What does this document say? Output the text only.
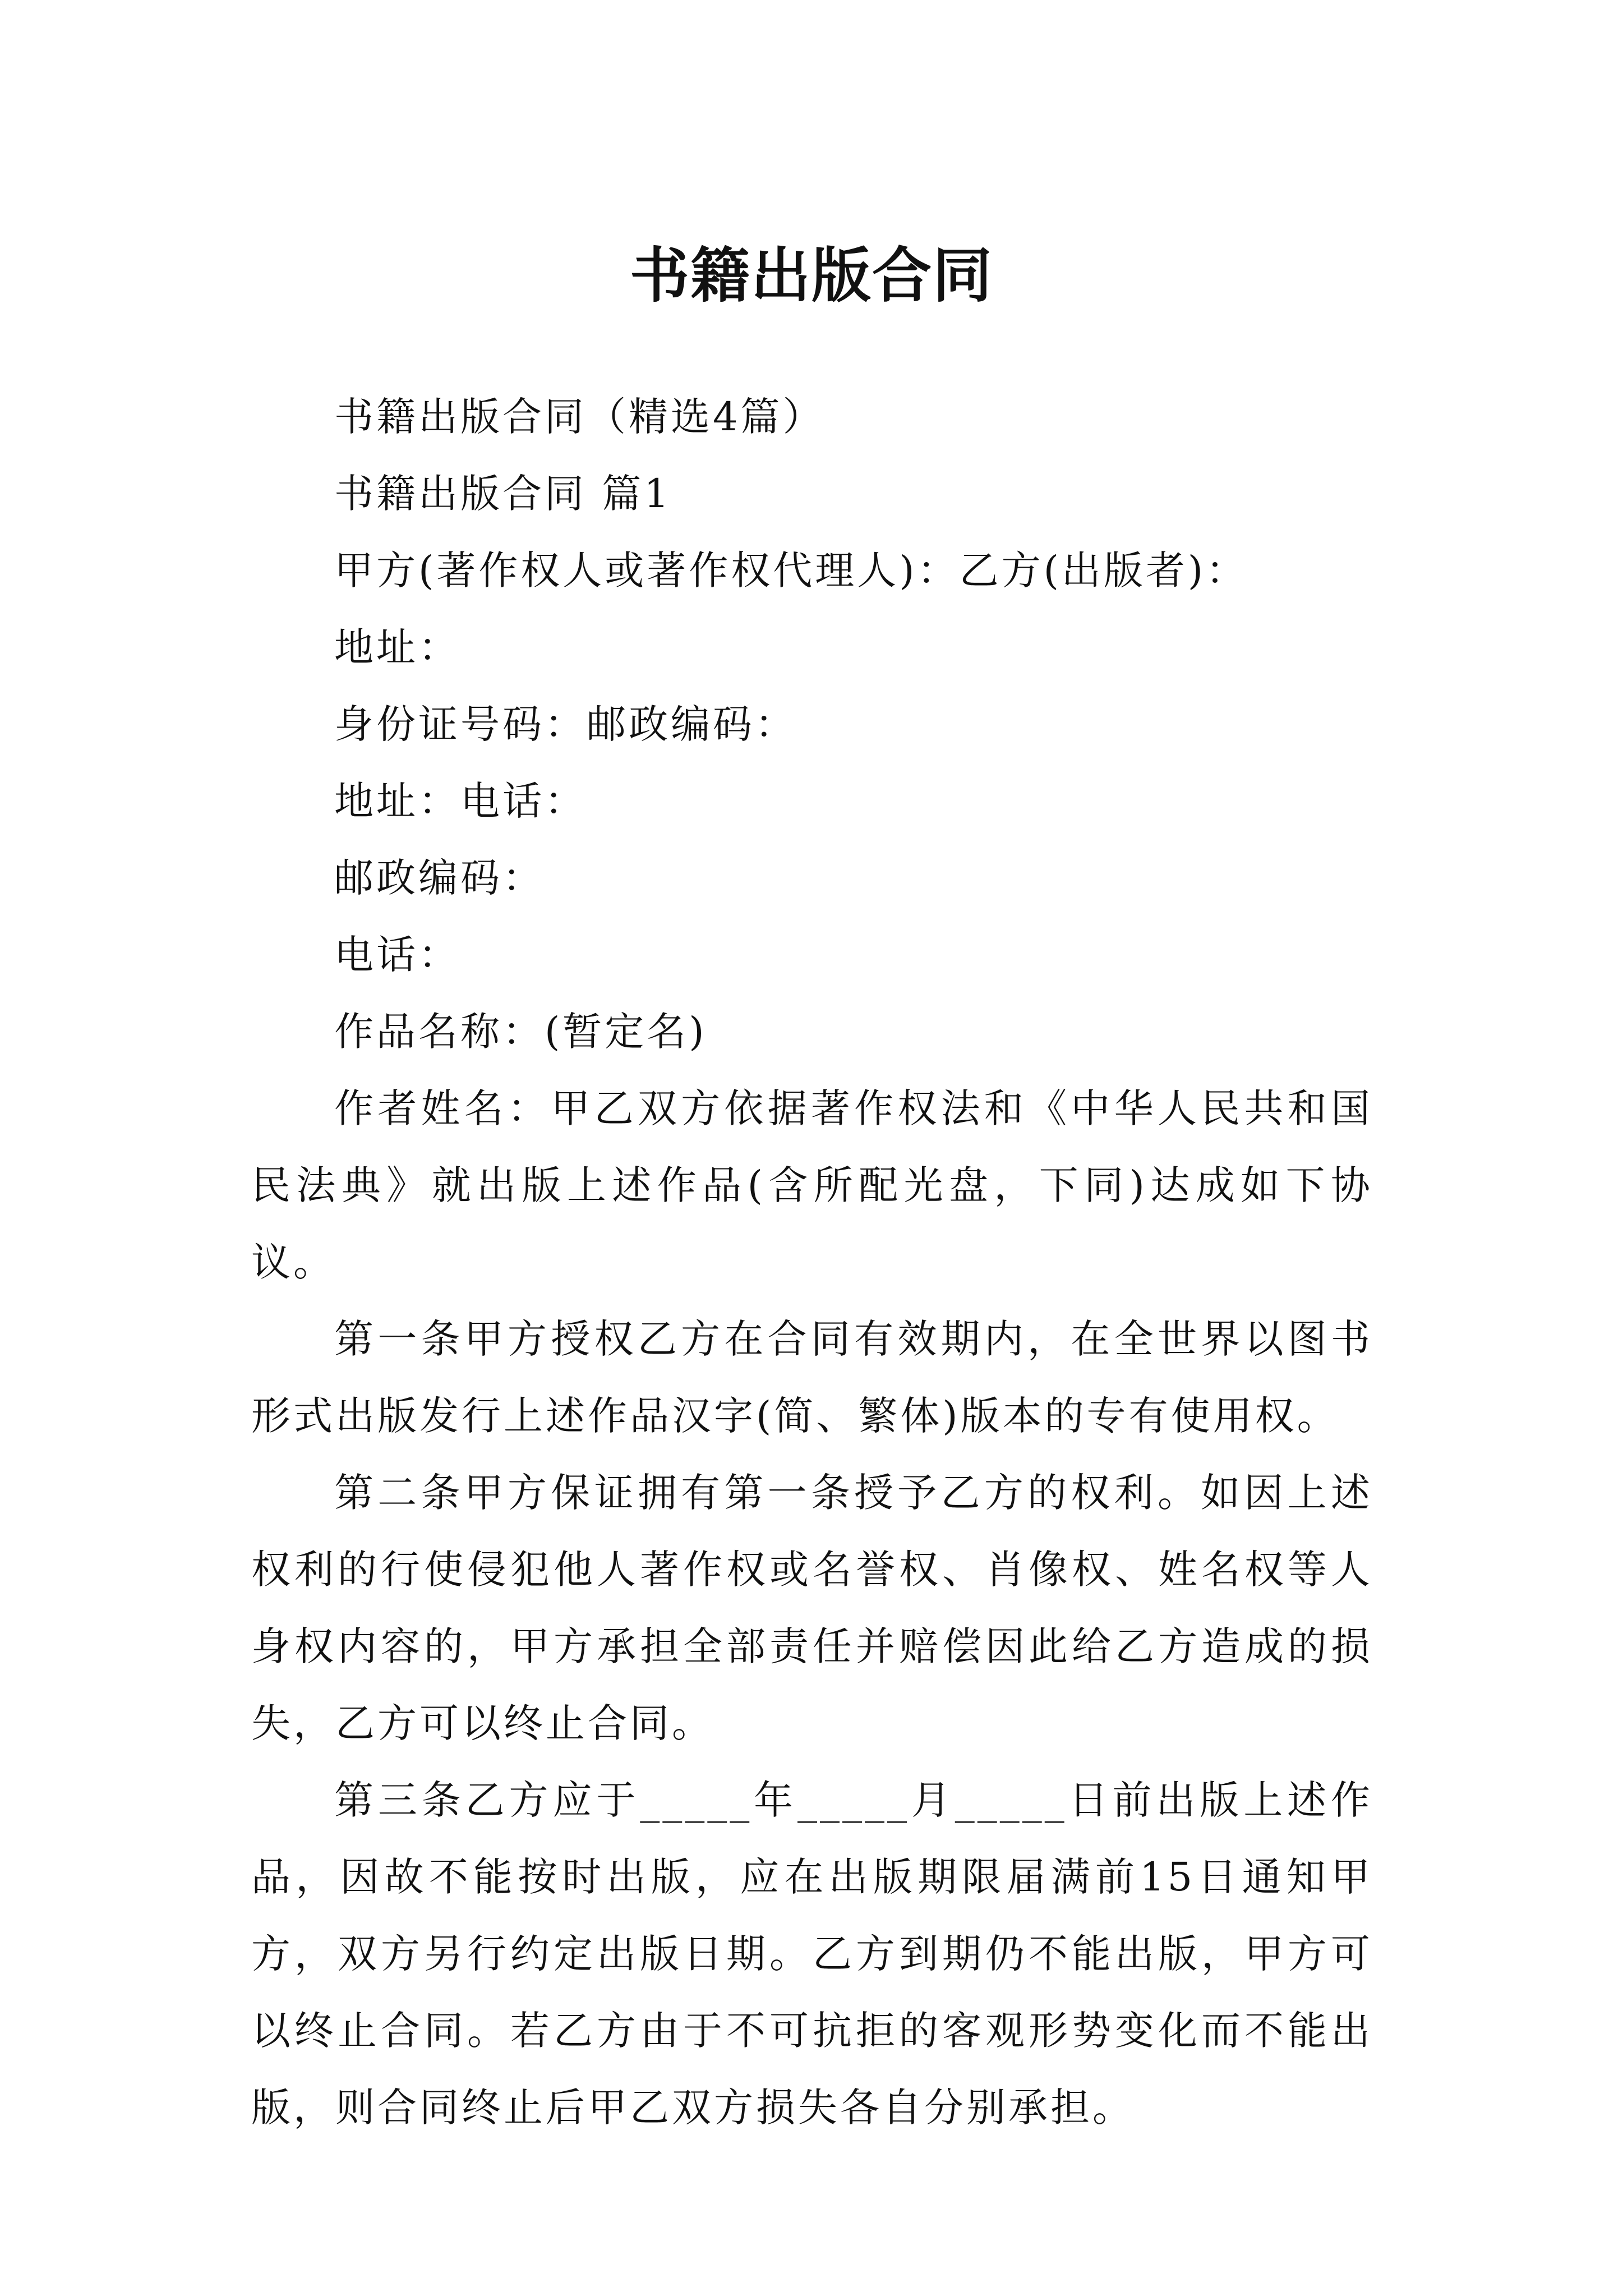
书籍出版合同

书籍出版合同（精选4篇）

书籍出版合同 篇1

甲方(著作权人或著作权代理人)：乙方(出版者)：

地址：

身份证号码：邮政编码：

地址：电话：

邮政编码：

电话：

作品名称：(暂定名)

作者姓名：甲乙双方依据著作权法和《中华人民共和国民法典》就出版上述作品(含所配光盘，下同)达成如下协议。

第一条甲方授权乙方在合同有效期内，在全世界以图书形式出版发行上述作品汉字(简、繁体)版本的专有使用权。

第二条甲方保证拥有第一条授予乙方的权利。如因上述权利的行使侵犯他人著作权或名誉权、肖像权、姓名权等人身权内容的，甲方承担全部责任并赔偿因此给乙方造成的损失，乙方可以终止合同。

第三条乙方应于_____年_____月_____日前出版上述作品，因故不能按时出版，应在出版期限届满前15日通知甲方，双方另行约定出版日期。乙方到期仍不能出版，甲方可以终止合同。若乙方由于不可抗拒的客观形势变化而不能出版，则合同终止后甲乙双方损失各自分别承担。
